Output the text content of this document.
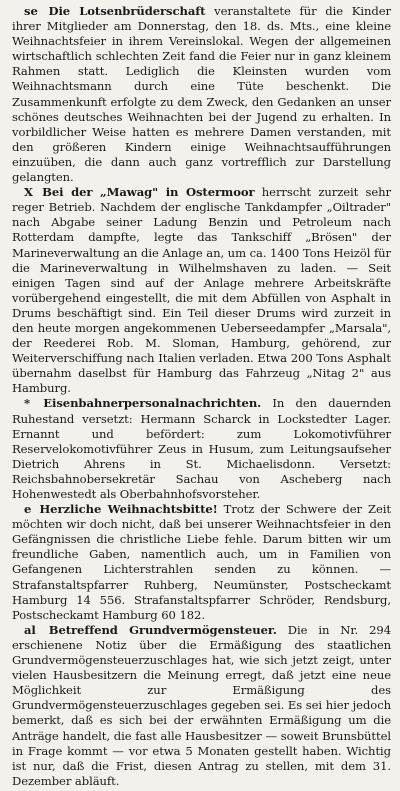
se Die Lotsenbrüderschaft veranstaltete für die Kinder ihrer Mitglieder am Donnerstag, den 18. ds. Mts., eine kleine Weihnachtsfeier in ihrem Vereinslokal. Wegen der allgemeinen wirtschaftlich schlechten Zeit fand die Feier nur in ganz kleinem Rahmen statt. Lediglich die Kleinsten wurden vom Weihnachtsmann durch eine Tüte beschenkt. Die Zusammenkunft erfolgte zu dem Zweck, den Gedanken an unser schönes deutsches Weihnachten bei der Jugend zu erhalten. In vorbildlicher Weise hatten es mehrere Damen verstanden, mit den größeren Kindern einige Weihnachtsaufführungen einzuüben, die dann auch ganz vortrefflich zur Darstellung gelangten.

X Bei der „Mawag" in Ostermoor herrscht zurzeit sehr reger Betrieb. Nachdem der englische Tankdampfer „Oiltrader" nach Abgabe seiner Ladung Benzin und Petroleum nach Rotterdam dampfte, legte das Tankschiff „Brösen" der Marineverwaltung an die Anlage an, um ca. 1400 Tons Heizöl für die Marineverwaltung in Wilhelmshaven zu laden. — Seit einigen Tagen sind auf der Anlage mehrere Arbeitskräfte vorübergehend eingestellt, die mit dem Abfüllen von Asphalt in Drums beschäftigt sind. Ein Teil dieser Drums wird zurzeit in den heute morgen angekommenen Ueberseedampfer „Marsala", der Reederei Rob. M. Sloman, Hamburg, gehörend, zur Weiterverschiffung nach Italien verladen. Etwa 200 Tons Asphalt übernahm daselbst für Hamburg das Fahrzeug „Nitag 2" aus Hamburg.

* Eisenbahnerpersonalnachrichten. In den dauernden Ruhestand versetzt: Hermann Scharck in Lockstedter Lager. Ernannt und befördert: zum Lokomotivführer Reservelokomotivführer Zeus in Husum, zum Leitungsaufseher Dietrich Ahrens in St. Michaelisdonn. Versetzt: Reichsbahnobersekretär Sachau von Ascheberg nach Hohenwestedt als Oberbahnhofsvorsteher.

e Herzliche Weihnachtsbitte! Trotz der Schwere der Zeit möchten wir doch nicht, daß bei unserer Weihnachtsfeier in den Gefängnissen die christliche Liebe fehle. Darum bitten wir um freundliche Gaben, namentlich auch, um in Familien von Gefangenen Lichterstrahlen senden zu können. — Strafanstaltspfarrer Ruhberg, Neumünster, Postscheckamt Hamburg 14 556. Strafanstaltspfarrer Schröder, Rendsburg, Postscheckamt Hamburg 60 182.

al Betreffend Grundvermögensteuer. Die in Nr. 294 erschienene Notiz über die Ermäßigung des staatlichen Grundvermögensteuerzuschlages hat, wie sich jetzt zeigt, unter vielen Hausbesitzern die Meinung erregt, daß jetzt eine neue Möglichkeit zur Ermäßigung des Grundvermögensteuerzuschlages gegeben sei. Es sei hier jedoch bemerkt, daß es sich bei der erwähnten Ermäßigung um die Anträge handelt, die fast alle Hausbesitzer — soweit Brunsbüttel in Frage kommt — vor etwa 5 Monaten gestellt haben. Wichtig ist nur, daß die Frist, diesen Antrag zu stellen, mit dem 31. Dezember abläuft.
